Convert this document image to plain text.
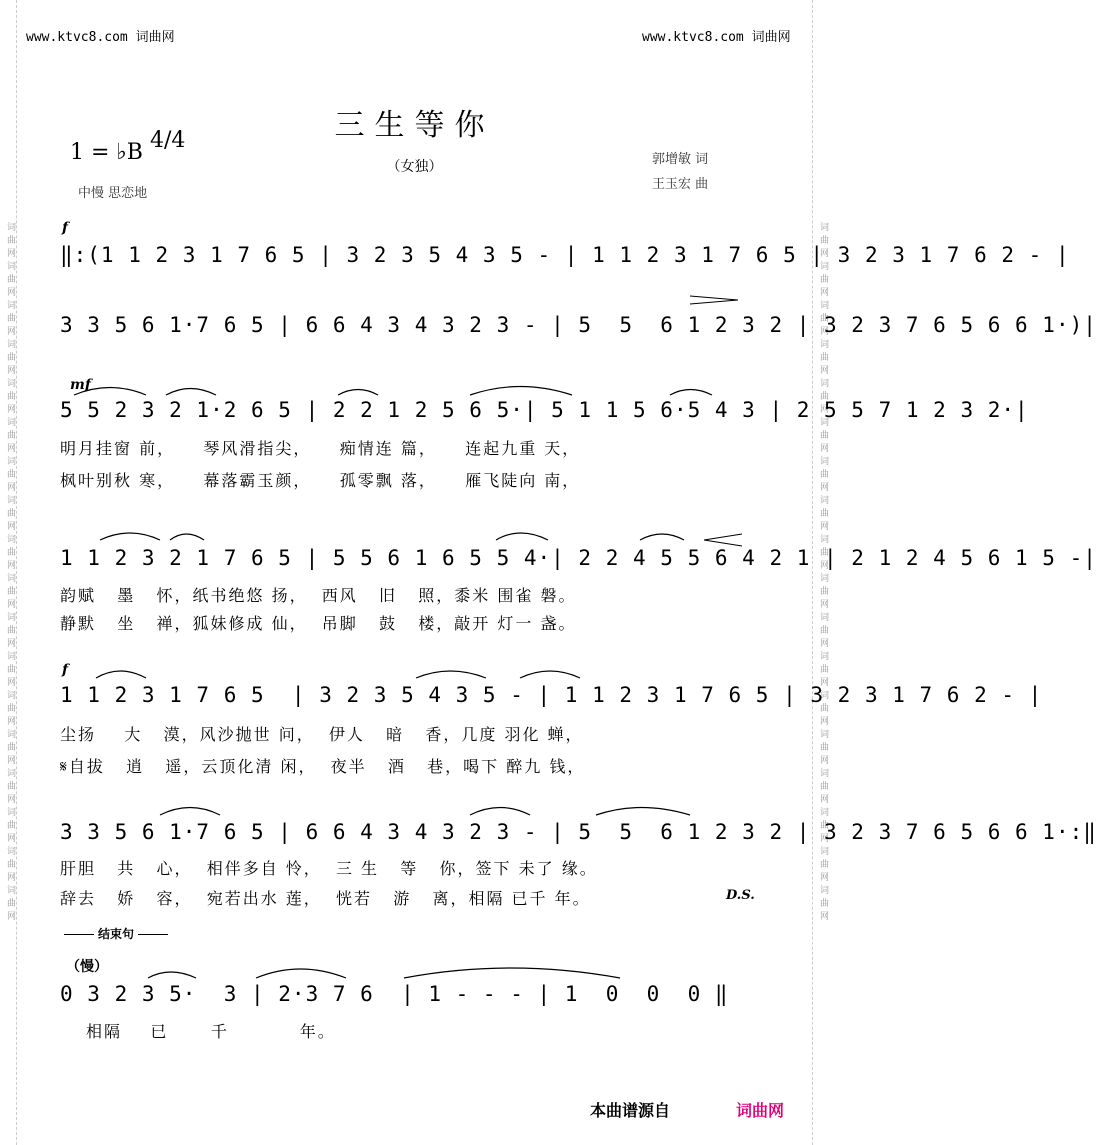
词曲网词曲网词曲网词曲网词曲网词曲网词曲网词曲网词曲网词曲网词曲网词曲网词曲网词曲网词曲网词曲网词曲网词曲网	词曲网词曲网词曲网词曲网词曲网词曲网词曲网词曲网词曲网词曲网词曲网词曲网词曲网词曲网词曲网词曲网词曲网词曲网
www.ktvc8.com 词曲网	www.ktvc8.com 词曲网
三生等你
（女独）
1 = ♭B 4/4
中慢 思恋地
郭增敏 词
王玉宏 曲
f
‖:(1 1 2 3 1 7 6 5 | 3 2 3 5 4 3 5 - | 1 1 2 3 1 7 6 5 | 3 2 3 1 7 6 2 - |
3 3 5 6 1·7 6 5 | 6 6 4 3 4 3 2 3 - | 5  5  6 1 2 3 2 | 3 2 3 7 6 5 6 6 1·)|
mf
5 5 2 3 2 1·2 6 5 | 2 2 1 2 5 6 5·| 5 1 1 5 6·5 4 3 | 2 5 5 7 1 2 3 2·|
明月挂窗 前，    琴风滑指尖，    痴情连 篇，    连起九重 天，
枫叶别秋 寒，    幕落霸玉颜，    孤零飘 落，    雁飞陡向 南，
1 1 2 3 2 1 7 6 5 | 5 5 6 1 6 5 5 4·| 2 2 4 5 5 6 4 2 1 | 2 1 2 4 5 6 1 5 -|
韵赋   墨   怀，纸书绝悠 扬，  西风   旧   照，黍米 围雀 磐。
静默   坐   禅，狐妹修成 仙，  吊脚   鼓   楼，敲开 灯一 盏。
f
1 1 2 3 1 7 6 5  | 3 2 3 5 4 3 5 - | 1 1 2 3 1 7 6 5 | 3 2 3 1 7 6 2 - |
尘扬    大   漠，风沙抛世 问，  伊人   暗   香，几度 羽化 蝉，
𝄋自拔   逍   遥，云顶化清 闲，  夜半   酒   巷，喝下 醉九 钱，
3 3 5 6 1·7 6 5 | 6 6 4 3 4 3 2 3 - | 5  5  6 1 2 3 2 | 3 2 3 7 6 5 6 6 1·:‖
肝胆   共   心，  相伴多自 怜，  三 生   等   你，签下 未了 缘。
辞去   娇   容，  宛若出水 莲，  恍若   游   离，相隔 已千 年。	D.S.
结束句
（慢）
0 3 2 3 5·  3 | 2·3 7 6  | 1 - - - | 1  0  0  0 ‖
相隔    已      千          年。
本曲谱源自	词曲网
